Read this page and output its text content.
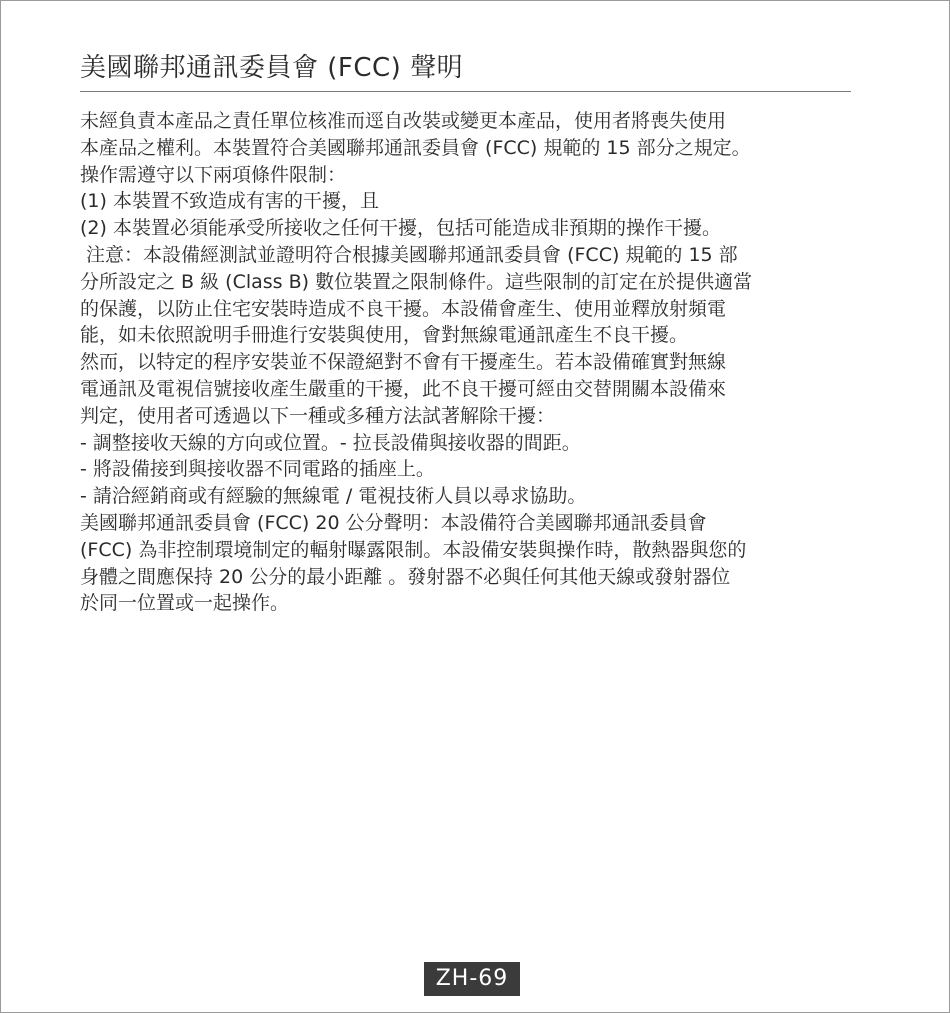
美國聯邦通訊委員會 (FCC) 聲明
未經負責本產品之責任單位核准而逕自改裝或變更本產品，使用者將喪失使用
本產品之權利。本裝置符合美國聯邦通訊委員會 (FCC) 規範的 15 部分之規定。
操作需遵守以下兩項條件限制：
(1) 本裝置不致造成有害的干擾，且
(2) 本裝置必須能承受所接收之任何干擾，包括可能造成非預期的操作干擾。
注意：本設備經測試並證明符合根據美國聯邦通訊委員會 (FCC) 規範的 15 部
分所設定之 B 級 (Class B) 數位裝置之限制條件。這些限制的訂定在於提供適當
的保護，以防止住宅安裝時造成不良干擾。本設備會產生、使用並釋放射頻電
能，如未依照說明手冊進行安裝與使用，會對無線電通訊產生不良干擾。
然而，以特定的程序安裝並不保證絕對不會有干擾產生。若本設備確實對無線
電通訊及電視信號接收產生嚴重的干擾，此不良干擾可經由交替開關本設備來
判定，使用者可透過以下一種或多種方法試著解除干擾：
- 調整接收天線的方向或位置。- 拉長設備與接收器的間距。
- 將設備接到與接收器不同電路的插座上。
- 請洽經銷商或有經驗的無線電 / 電視技術人員以尋求協助。
美國聯邦通訊委員會 (FCC) 20 公分聲明：本設備符合美國聯邦通訊委員會
(FCC) 為非控制環境制定的輻射曝露限制。本設備安裝與操作時，散熱器與您的
身體之間應保持 20 公分的最小距離 。發射器不必與任何其他天線或發射器位
於同一位置或一起操作。
ZH-69
